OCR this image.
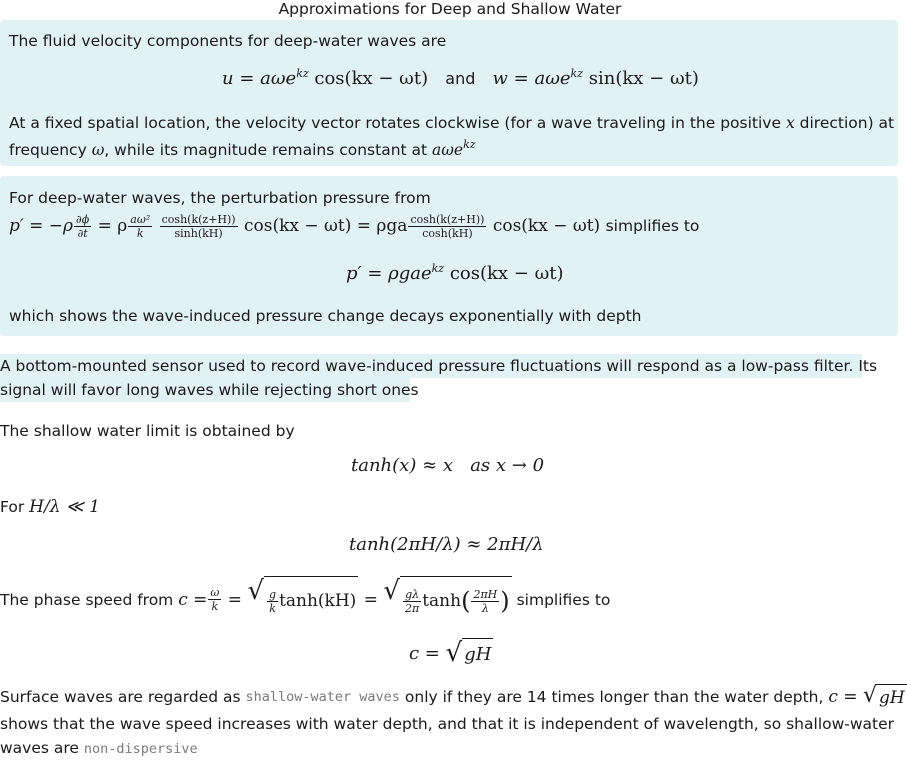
Approximations for Deep and Shallow Water
The fluid velocity components for deep-water waves are
u = aωe$^{kz}$ cos(kx − ωt) and w = aωe$^{kz}$ sin(kx − ωt)
At a fixed spatial location, the velocity vector rotates clockwise (for a wave traveling in the positive x direction) at
frequency ω, while its magnitude remains constant at aωe$^{kz}$
For deep-water waves, the perturbation pressure from
$p' = -\rho \frac{\partial\phi}{\partial t} = \rho \frac{\text{aω²}}{k}$
$\frac{\cosh(k(z+H))}{\sinh(kH)} \cos(kx - \omega t) = \rho ga \frac{\cosh(k(z+H))}{\cosh(kH)} \cos(kx - \omega t)$ simplifies to
p′ = ρgae$^{kz}$ cos(kx − ωt)
which shows the wave-induced pressure change decays exponentially with depth
A bottom-mounted sensor used to record wave-induced pressure fluctuations will respond as a low-pass filter. Its
signal will favor long waves while rejecting short ones
The shallow water limit is obtained by
tanh(x) ≈ x as x → 0
For H/λ ≪ 1
tanh(2πH/λ) ≈ 2πH/λ
The phase speed from
$c = \frac{\omega}{k}$ = √ $\frac{g}{k} \tanh(kH)$ = √ $\frac{g\lambda}{2\pi}$ tanh ( $\frac{2\pi H}{\lambda}$ )
simplifies to
c =
√ gH
Surface waves are regarded as
shallow-water waves
only if they are 14 times longer than the water depth,
c =
√ gH
shows that the wave speed increases with water depth, and that it is independent of wavelength, so shallow-water
waves are non-dispersive
